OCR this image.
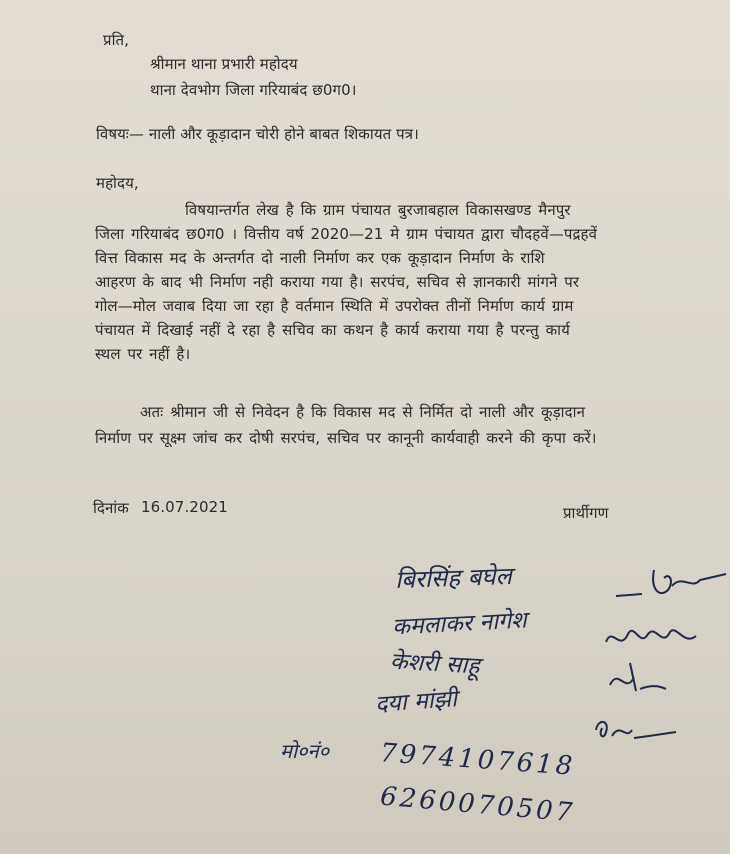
प्रति,
श्रीमान थाना प्रभारी महोदय
थाना देवभोग जिला गरियाबंद छ0ग0।
विषयः— नाली और कूड़ादान चोरी होने बाबत शिकायत पत्र।
महोदय,
विषयान्तर्गत लेख है कि ग्राम पंचायत बुरजाबहाल विकासखण्ड मैनपुर
जिला गरियाबंद छ0ग0 । वित्तीय वर्ष 2020—21 मे ग्राम पंचायत द्वारा चौदहवें—पद्रहवें
वित्त विकास मद के अन्तर्गत दो नाली निर्माण कर एक कूड़ादान निर्माण के राशि
आहरण के बाद भी निर्माण नही कराया गया है। सरपंच, सचिव से ज्ञानकारी मांगने पर
गोल—मोल जवाब दिया जा रहा है वर्तमान स्थिति में उपरोक्त तीनों निर्माण कार्य ग्राम
पंचायत में दिखाई नहीं दे रहा है सचिव का कथन है कार्य कराया गया है परन्तु कार्य
स्थल पर नहीं है।
अतः श्रीमान जी से निवेदन है कि विकास मद से निर्मित दो नाली और कूड़ादान
निर्माण पर सूक्ष्म जांच कर दोषी सरपंच, सचिव पर कानूनी कार्यवाही करने की कृपा करें।
दिनांक 16.07.2021	प्रार्थीगण
बिरसिंह बघेल
कमलाकर नागेश
केशरी साहू
दया मांझी
मो०नं० 7974107618
6260070507
